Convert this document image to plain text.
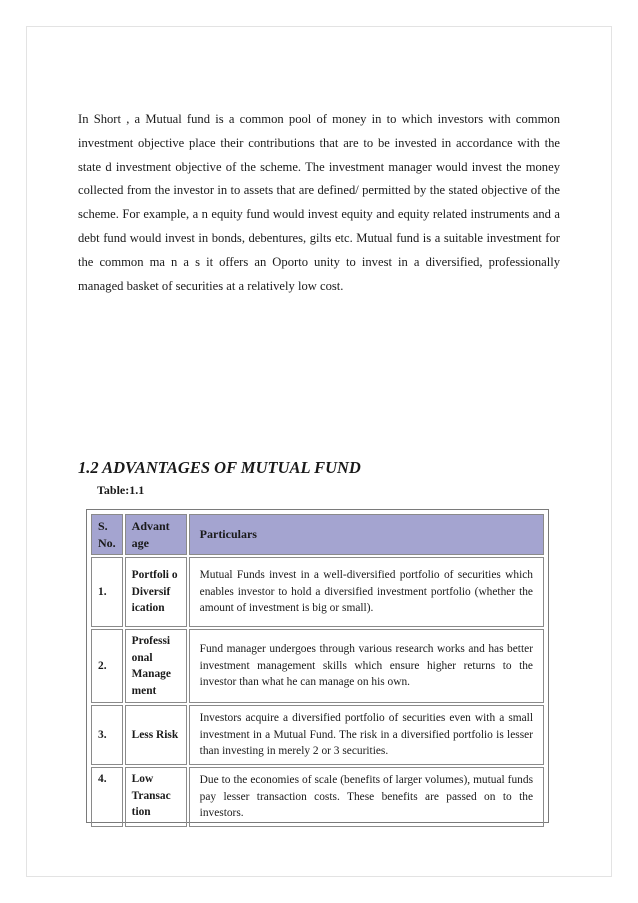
In Short , a Mutual fund is a common pool of money in to which investors with common investment objective place their contributions that are to be invested in accordance with the state d investment objective of the scheme. The investment manager would invest the money collected from the investor in to assets that are defined/ permitted by the stated objective of the scheme. For example, a n equity fund would invest equity and equity related instruments and a debt fund would invest in bonds, debentures, gilts etc. Mutual fund is a suitable investment for the common ma n a s it offers an Oporto unity to invest in a diversified, professionally managed basket of securities at a relatively low cost.

1.2 ADVANTAGES OF MUTUAL FUND

Table:1.1

S. No.	Advant age	Particulars
1.	Portfoli o Diversif ication	Mutual Funds invest in a well-diversified portfolio of securities which enables investor to hold a diversified investment portfolio (whether the amount of investment is big or small).
2.	Professi onal Manage ment	Fund manager undergoes through various research works and has better investment management skills which ensure higher returns to the investor than what he can manage on his own.
3.	Less Risk	Investors acquire a diversified portfolio of securities even with a small investment in a Mutual Fund. The risk in a diversified portfolio is lesser than investing in merely 2 or 3 securities.
4.	Low Transac tion	Due to the economies of scale (benefits of larger volumes), mutual funds pay lesser transaction costs. These benefits are passed on to the investors.
